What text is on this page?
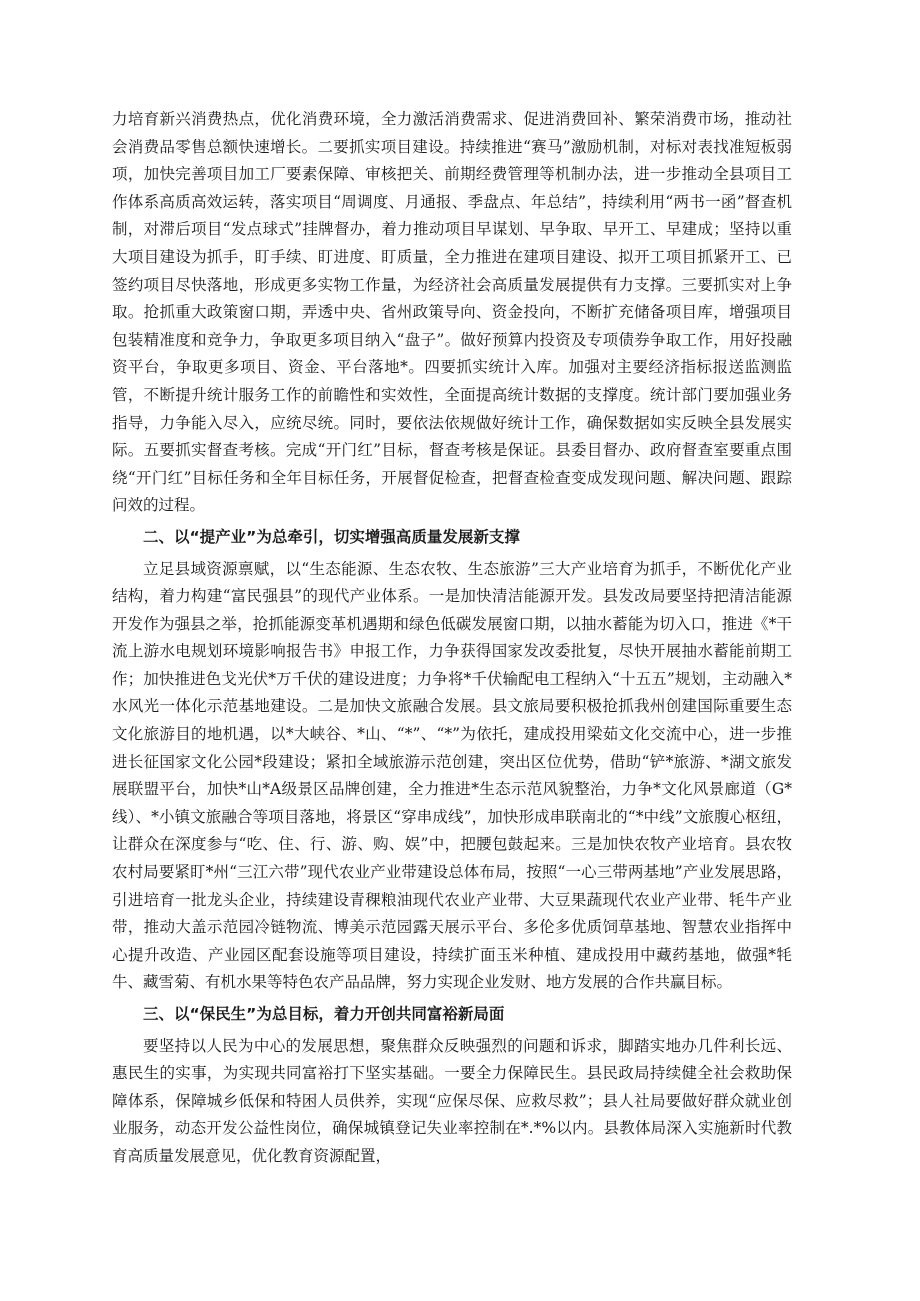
力培育新兴消费热点，优化消费环境，全力激活消费需求、促进消费回补、繁荣消费市场，推动社会消费品零售总额快速增长。二要抓实项目建设。持续推进“赛马”激励机制，对标对表找准短板弱项，加快完善项目加工厂要素保障、审核把关、前期经费管理等机制办法，进一步推动全县项目工作体系高质高效运转，落实项目“周调度、月通报、季盘点、年总结”，持续利用“两书一函”督查机制，对滞后项目“发点球式”挂牌督办，着力推动项目早谋划、早争取、早开工、早建成；坚持以重大项目建设为抓手，盯手续、盯进度、盯质量，全力推进在建项目建设、拟开工项目抓紧开工、已签约项目尽快落地，形成更多实物工作量，为经济社会高质量发展提供有力支撑。三要抓实对上争取。抢抓重大政策窗口期，弄透中央、省州政策导向、资金投向，不断扩充储备项目库，增强项目包装精准度和竞争力，争取更多项目纳入“盘子”。做好预算内投资及专项债券争取工作，用好投融资平台，争取更多项目、资金、平台落地*。四要抓实统计入库。加强对主要经济指标报送监测监管，不断提升统计服务工作的前瞻性和实效性，全面提高统计数据的支撑度。统计部门要加强业务指导，力争能入尽入，应统尽统。同时，要依法依规做好统计工作，确保数据如实反映全县发展实际。五要抓实督查考核。完成“开门红”目标，督查考核是保证。县委目督办、政府督查室要重点围绕“开门红”目标任务和全年目标任务，开展督促检查，把督查检查变成发现问题、解决问题、跟踪问效的过程。

二、以“提产业”为总牵引，切实增强高质量发展新支撑

立足县域资源禀赋，以“生态能源、生态农牧、生态旅游”三大产业培育为抓手，不断优化产业结构，着力构建“富民强县”的现代产业体系。一是加快清洁能源开发。县发改局要坚持把清洁能源开发作为强县之举，抢抓能源变革机遇期和绿色低碳发展窗口期，以抽水蓄能为切入口，推进《*干流上游水电规划环境影响报告书》申报工作，力争获得国家发改委批复，尽快开展抽水蓄能前期工作；加快推进色戈光伏*万千伏的建设进度；力争将*千伏输配电工程纳入“十五五”规划，主动融入*水风光一体化示范基地建设。二是加快文旅融合发展。县文旅局要积极抢抓我州创建国际重要生态文化旅游目的地机遇，以*大峡谷、*山、“*”、“*”为依托，建成投用梁茹文化交流中心，进一步推进长征国家文化公园*段建设；紧扣全域旅游示范创建，突出区位优势，借助“铲*旅游、*湖文旅发展联盟平台，加快*山*A级景区品牌创建，全力推进*生态示范风貌整治，力争*文化风景廊道（G*线）、*小镇文旅融合等项目落地，将景区“穿串成线”，加快形成串联南北的“*中线”文旅腹心枢纽，让群众在深度参与“吃、住、行、游、购、娱”中，把腰包鼓起来。三是加快农牧产业培育。县农牧农村局要紧盯*州“三江六带”现代农业产业带建设总体布局，按照“一心三带两基地”产业发展思路，引进培育一批龙头企业，持续建设青稞粮油现代农业产业带、大豆果蔬现代农业产业带、牦牛产业带，推动大盖示范园冷链物流、博美示范园露天展示平台、多伦多优质饲草基地、智慧农业指挥中心提升改造、产业园区配套设施等项目建设，持续扩面玉米种植、建成投用中藏药基地，做强*牦牛、藏雪菊、有机水果等特色农产品品牌，努力实现企业发财、地方发展的合作共赢目标。

三、以“保民生”为总目标，着力开创共同富裕新局面

要坚持以人民为中心的发展思想，聚焦群众反映强烈的问题和诉求，脚踏实地办几件利长远、惠民生的实事，为实现共同富裕打下坚实基础。一要全力保障民生。县民政局持续健全社会救助保障体系，保障城乡低保和特困人员供养，实现“应保尽保、应救尽救”；县人社局要做好群众就业创业服务，动态开发公益性岗位，确保城镇登记失业率控制在*.*%以内。县教体局深入实施新时代教育高质量发展意见，优化教育资源配置，
